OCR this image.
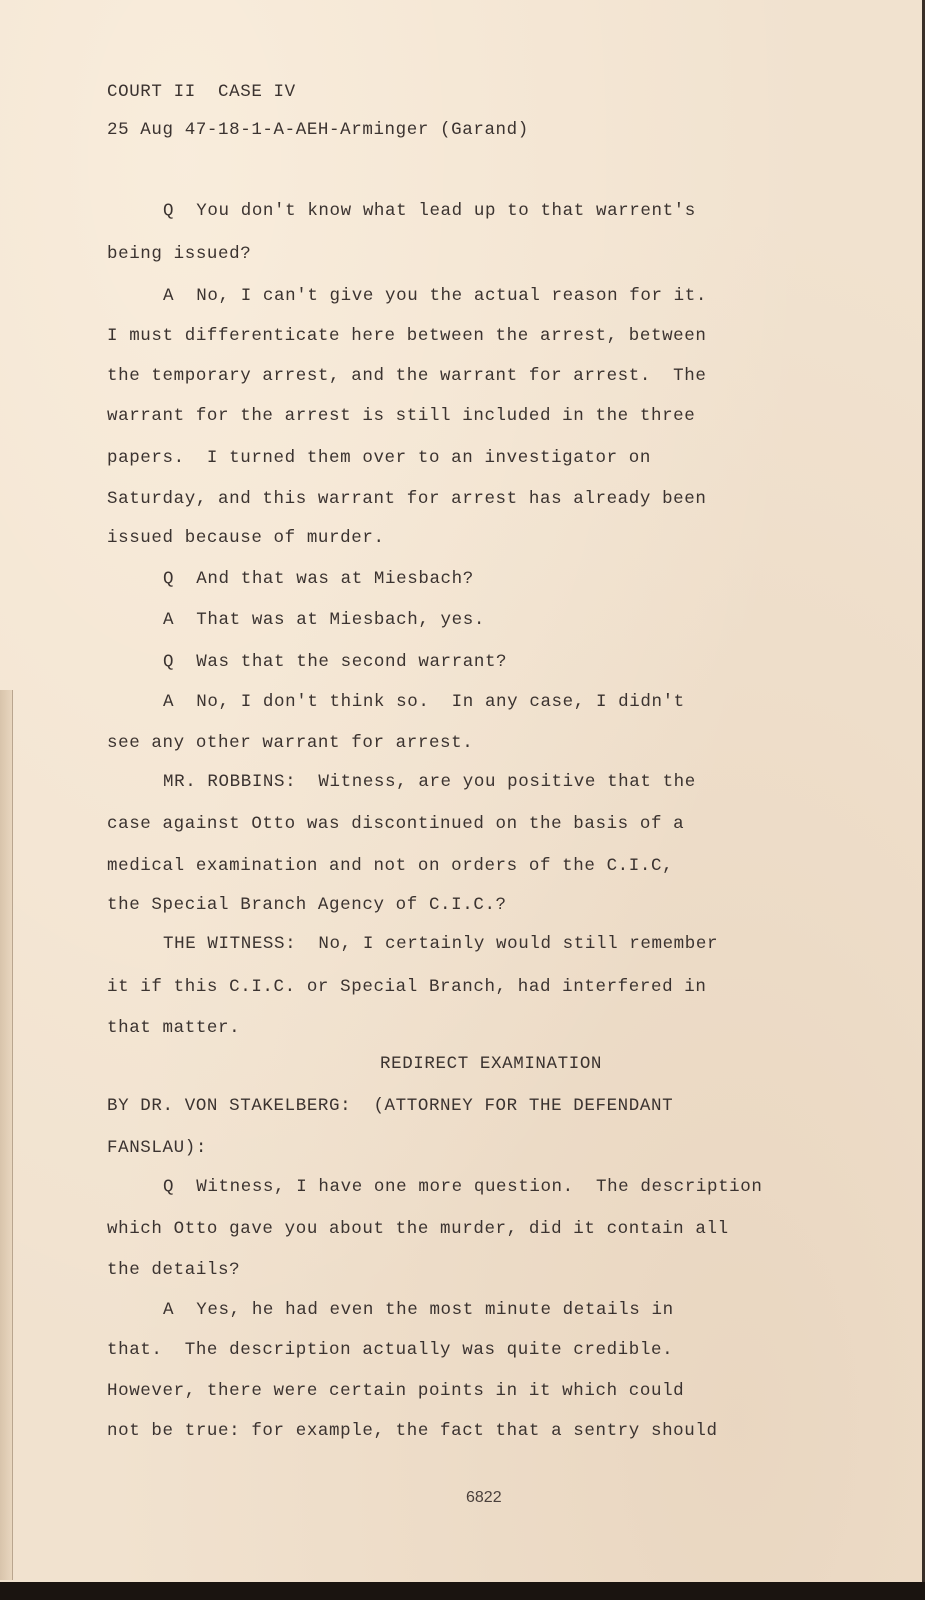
COURT II  CASE IV
25 Aug 47-18-1-A-AEH-Arminger (Garand)
Q  You don't know what lead up to that warrent's
being issued?
A  No, I can't give you the actual reason for it.
I must differenticate here between the arrest, between
the temporary arrest, and the warrant for arrest.  The
warrant for the arrest is still included in the three
papers.  I turned them over to an investigator on
Saturday, and this warrant for arrest has already been
issued because of murder.
Q  And that was at Miesbach?
A  That was at Miesbach, yes.
Q  Was that the second warrant?
A  No, I don't think so.  In any case, I didn't
see any other warrant for arrest.
MR. ROBBINS:  Witness, are you positive that the
case against Otto was discontinued on the basis of a
medical examination and not on orders of the C.I.C,
the Special Branch Agency of C.I.C.?
THE WITNESS:  No, I certainly would still remember
it if this C.I.C. or Special Branch, had interfered in
that matter.
REDIRECT EXAMINATION
BY DR. VON STAKELBERG:  (ATTORNEY FOR THE DEFENDANT
FANSLAU):
Q  Witness, I have one more question.  The description
which Otto gave you about the murder, did it contain all
the details?
A  Yes, he had even the most minute details in
that.  The description actually was quite credible.
However, there were certain points in it which could
not be true: for example, the fact that a sentry should
6822
